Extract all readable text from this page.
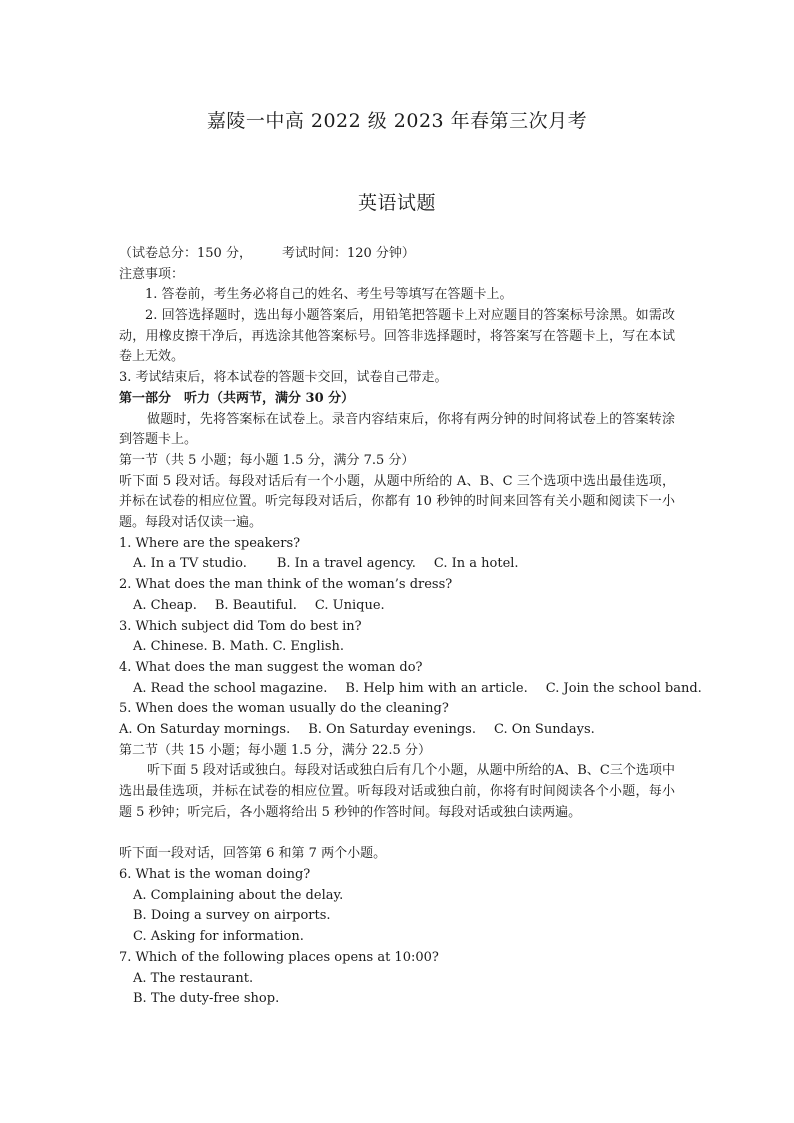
嘉陵一中高 2022 级 2023 年春第三次月考
英语试题
（试卷总分：150 分， 考试时间：120 分钟）
注意事项：
1. 答卷前，考生务必将自己的姓名、考生号等填写在答题卡上。
2. 回答选择题时，选出每小题答案后，用铅笔把答题卡上对应题目的答案标号涂黑。如需改动，用橡皮擦干净后，再选涂其他答案标号。回答非选择题时，将答案写在答题卡上，写在本试卷上无效。
3. 考试结束后，将本试卷的答题卡交回，试卷自己带走。
第一部分　听力（共两节，满分 30 分）
做题时，先将答案标在试卷上。录音内容结束后，你将有两分钟的时间将试卷上的答案转涂到答题卡上。
第一节（共 5 小题；每小题 1.5 分，满分 7.5 分）
听下面 5 段对话。每段对话后有一个小题，从题中所给的 A、B、C 三个选项中选出最佳选项，并标在试卷的相应位置。听完每段对话后，你都有 10 秒钟的时间来回答有关小题和阅读下一小题。每段对话仅读一遍。
1. Where are the speakers?
A. In a TV studio. B. In a travel agency. C. In a hotel.
2. What does the man think of the woman’s dress?
A. Cheap. B. Beautiful. C. Unique.
3. Which subject did Tom do best in?
A. Chinese. B. Math. C. English.
4. What does the man suggest the woman do?
A. Read the school magazine. B. Help him with an article. C. Join the school band.
5. When does the woman usually do the cleaning?
A. On Saturday mornings. B. On Saturday evenings. C. On Sundays.
第二节（共 15 小题；每小题 1.5 分，满分 22.5 分）
听下面 5 段对话或独白。每段对话或独白后有几个小题，从题中所给的A、B、C三个选项中选出最佳选项，并标在试卷的相应位置。听每段对话或独白前，你将有时间阅读各个小题，每小题 5 秒钟；听完后，各小题将给出 5 秒钟的作答时间。每段对话或独白读两遍。
听下面一段对话，回答第 6 和第 7 两个小题。
6. What is the woman doing?
A. Complaining about the delay.
B. Doing a survey on airports.
C. Asking for information.
7. Which of the following places opens at 10:00?
A. The restaurant.
B. The duty-free shop.
